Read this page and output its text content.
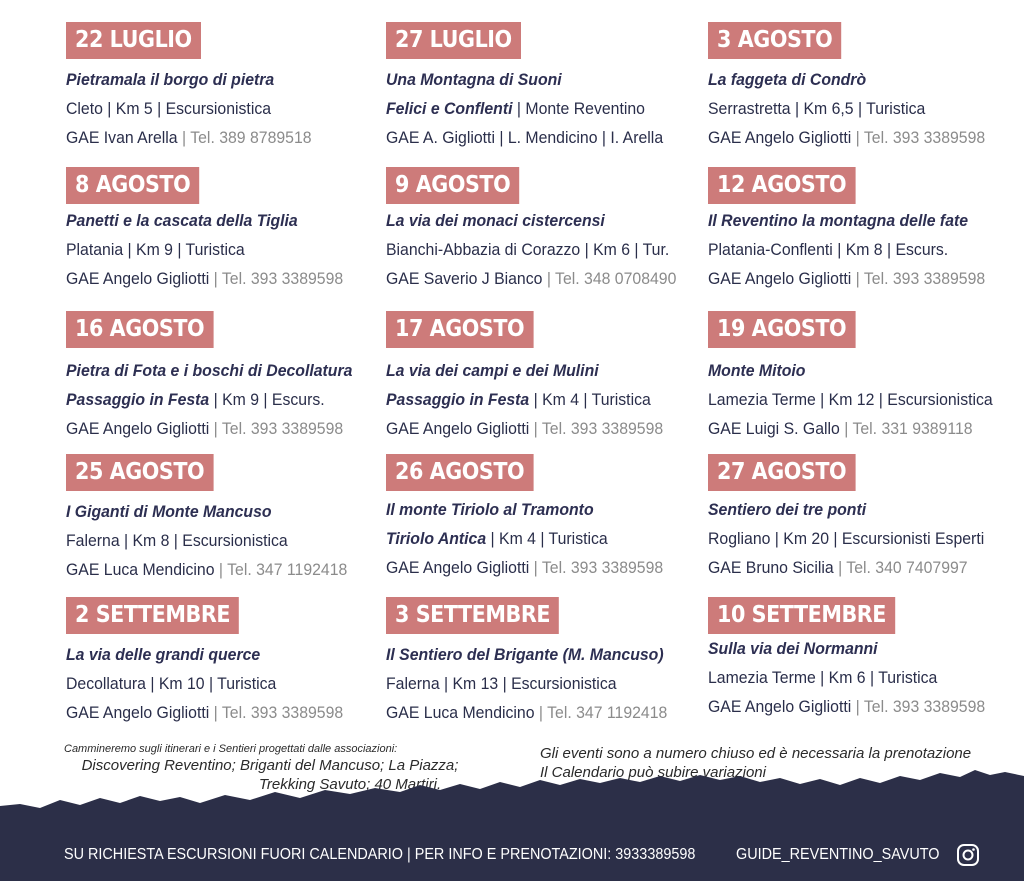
22 LUGLIO
Pietramala il borgo di pietra
Cleto | Km 5 | Escursionistica
GAE Ivan Arella | Tel. 389 8789518
27 LUGLIO
Una Montagna di Suoni
Felici e Conflenti | Monte Reventino
GAE A. Gigliotti | L. Mendicino | I. Arella
3 AGOSTO
La faggeta di Condrò
Serrastretta | Km 6,5 | Turistica
GAE Angelo Gigliotti | Tel. 393 3389598
8 AGOSTO
Panetti e la cascata della Tiglia
Platania | Km 9 | Turistica
GAE Angelo Gigliotti | Tel. 393 3389598
9 AGOSTO
La via dei monaci cistercensi
Bianchi-Abbazia di Corazzo | Km 6 | Tur.
GAE Saverio J Bianco | Tel. 348 0708490
12 AGOSTO
Il Reventino la montagna delle fate
Platania-Conflenti | Km 8 | Escurs.
GAE Angelo Gigliotti | Tel. 393 3389598
16 AGOSTO
Pietra di Fota e i boschi di Decollatura
Passaggio in Festa | Km 9 | Escurs.
GAE Angelo Gigliotti | Tel. 393 3389598
17 AGOSTO
La via dei campi e dei Mulini
Passaggio in Festa | Km 4 | Turistica
GAE Angelo Gigliotti | Tel. 393 3389598
19 AGOSTO
Monte Mitoio
Lamezia Terme | Km 12 | Escursionistica
GAE Luigi S. Gallo | Tel. 331 9389118
25 AGOSTO
I Giganti di Monte Mancuso
Falerna | Km 8 | Escursionistica
GAE Luca Mendicino | Tel. 347 1192418
26 AGOSTO
Il monte Tiriolo al Tramonto
Tiriolo Antica | Km 4 | Turistica
GAE Angelo Gigliotti | Tel. 393 3389598
27 AGOSTO
Sentiero dei tre ponti
Rogliano | Km 20 | Escursionisti Esperti
GAE Bruno Sicilia | Tel. 340 7407997
2 SETTEMBRE
La via delle grandi querce
Decollatura | Km 10 | Turistica
GAE Angelo Gigliotti | Tel. 393 3389598
3 SETTEMBRE
Il Sentiero del Brigante (M. Mancuso)
Falerna | Km 13 | Escursionistica
GAE Luca Mendicino | Tel. 347 1192418
10 SETTEMBRE
Sulla via dei Normanni
Lamezia Terme | Km 6 | Turistica
GAE Angelo Gigliotti | Tel. 393 3389598
Cammineremo sugli itinerari e i Sentieri progettati dalle associazioni:
Discovering Reventino; Briganti del Mancuso; La Piazza;
Trekking Savuto; 40 Martiri.
Gli eventi sono a numero chiuso ed è necessaria la prenotazione
Il Calendario può subire variazioni
SU RICHIESTA ESCURSIONI FUORI CALENDARIO | PER INFO E PRENOTAZIONI: 3933389598	GUIDE_REVENTINO_SAVUTO
